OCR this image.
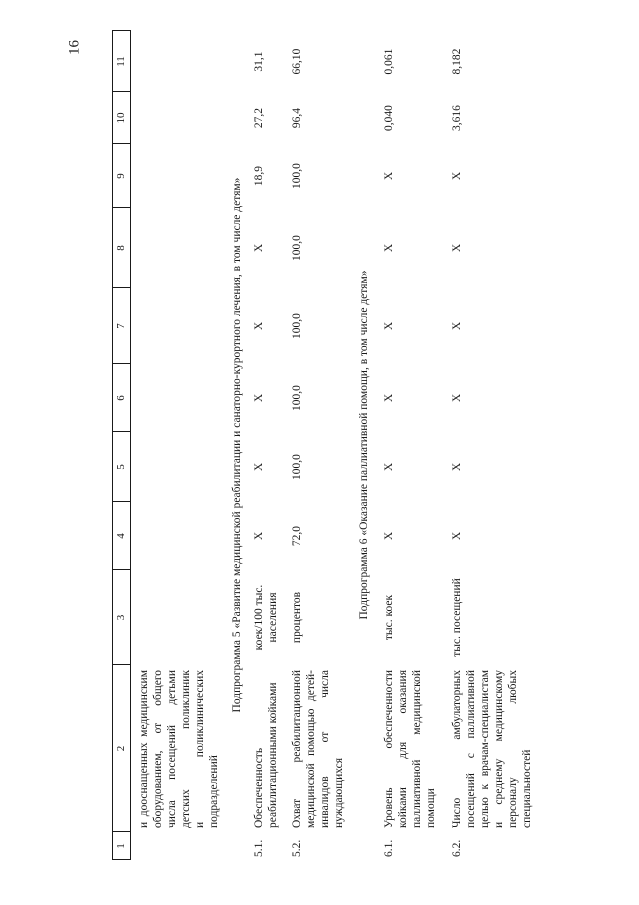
16
1
2
3
4
5
6
7
8
9
10
11
и дооснащенных медицинским оборудованием, от общего числа посещений детьми детских поликлиник и поликлинических подразделений
Подпрограмма 5 «Развитие медицинской реабилитации и санаторно-курортного лечения, в том числе детям»
5.1.
Обеспеченность реабилитационными койками
коек/100 тыс. населения
X
X
X
X
X
18,9
27,2
31,1
5.2.
Охват реабилитационной медицинской помощью детей- инвалидов от числа нуждающихся
процентов
72,0
100,0
100,0
100,0
100,0
100,0
96,4
66,10
Подпрограмма 6 «Оказание паллиативной помощи, в том числе детям»
6.1.
Уровень обеспеченности койками для оказания паллиативной медицинской помощи
тыс. коек
X
X
X
X
X
X
0,040
0,061
6.2.
Число амбулаторных посещений с паллиативной целью к врачам-специалистам и среднему медицинскому персоналу любых специальностей
тыс. посещений
X
X
X
X
X
X
3,616
8,182
